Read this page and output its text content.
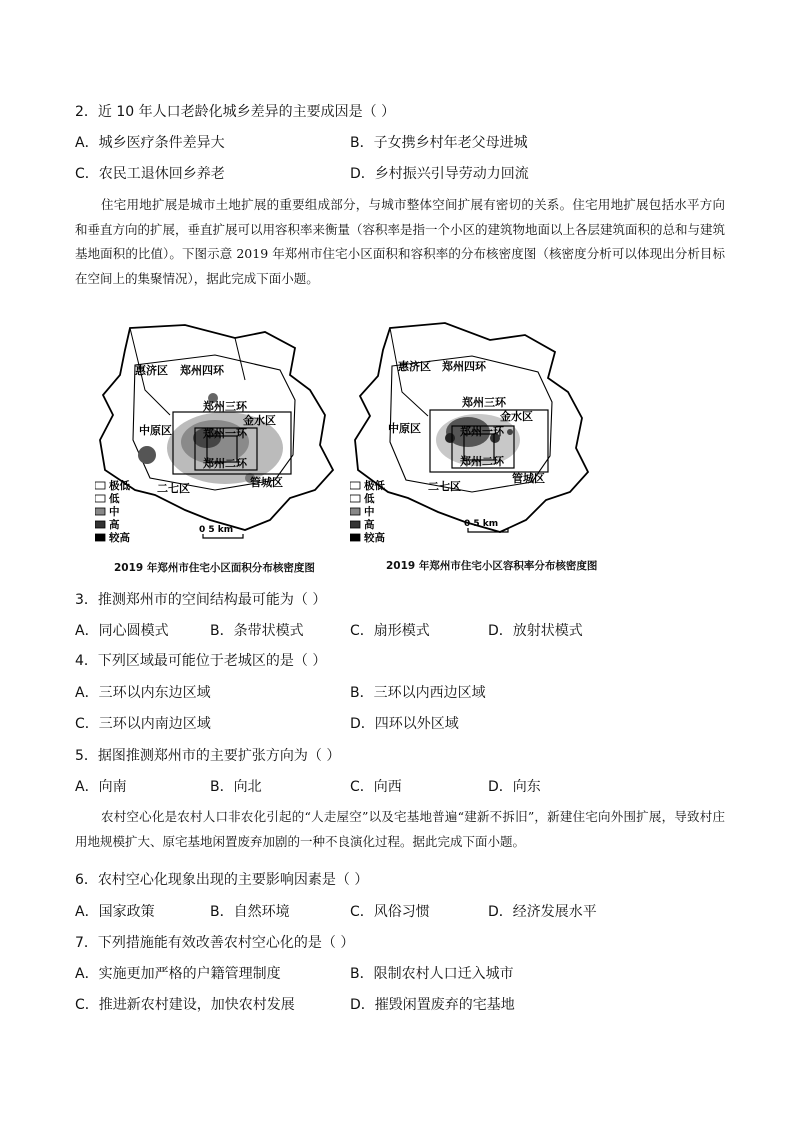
2．近 10 年人口老龄化城乡差异的主要成因是（ ）
A．城乡医疗条件差异大	B．子女携乡村年老父母进城
C．农民工退休回乡养老	D．乡村振兴引导劳动力回流
住宅用地扩展是城市土地扩展的重要组成部分，与城市整体空间扩展有密切的关系。住宅用地扩展包括水平方向和垂直方向的扩展，垂直扩展可以用容积率来衡量（容积率是指一个小区的建筑物地面以上各层建筑面积的总和与建筑基地面积的比值）。下图示意 2019 年郑州市住宅小区面积和容积率的分布核密度图（核密度分析可以体现出分析目标在空间上的集聚情况），据此完成下面小题。
惠济区 郑州四环
郑州三环
中原区
金水区
郑州一环
郑州二环
二七区	管城区
极低
低
中
高
较高
0 5 km
2019 年郑州市住宅小区面积分布核密度图
惠济区 郑州四环
郑州三环
中原区
金水区
郑州一环
郑州二环
二七区
管城区
极低
低
中
高
较高
0 5 km
2019 年郑州市住宅小区容积率分布核密度图
3．推测郑州市的空间结构最可能为（ ）
A．同心圆模式	B．条带状模式	C．扇形模式	D．放射状模式
4．下列区域最可能位于老城区的是（ ）
A．三环以内东边区域	B．三环以内西边区域
C．三环以内南边区域	D．四环以外区域
5．据图推测郑州市的主要扩张方向为（ ）
A．向南	B．向北	C．向西	D．向东
农村空心化是农村人口非农化引起的“人走屋空”以及宅基地普遍“建新不拆旧”，新建住宅向外围扩展，导致村庄用地规模扩大、原宅基地闲置废弃加剧的一种不良演化过程。据此完成下面小题。
6．农村空心化现象出现的主要影响因素是（ ）
A．国家政策	B．自然环境	C．风俗习惯	D．经济发展水平
7．下列措施能有效改善农村空心化的是（ ）
A．实施更加严格的户籍管理制度	B．限制农村人口迁入城市
C．推进新农村建设，加快农村发展	D．摧毁闲置废弃的宅基地
